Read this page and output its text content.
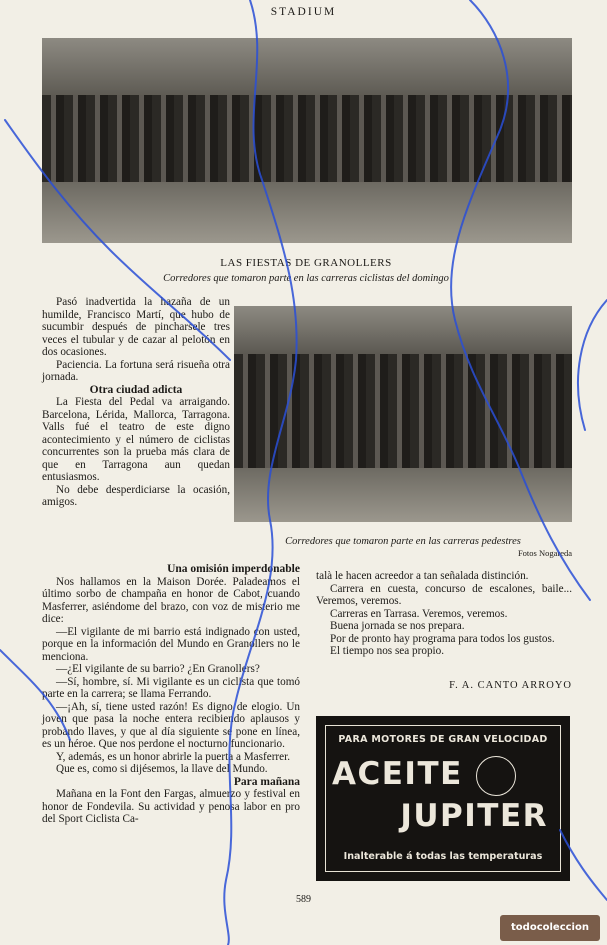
STADIUM
LAS FIESTAS DE GRANOLLERS
Corredores que tomaron parte en las carreras ciclistas del domingo

Pasó inadvertida la hazaña de un humilde, Francisco Martí, que hubo de sucumbir después de pincharsele tres veces el tubular y de cazar al pelotón en dos ocasiones.

Paciencia. La fortuna será risueña otra jornada.

Otra ciudad adicta

La Fiesta del Pedal va arraigando. Barcelona, Lérida, Mallorca, Tarragona. Valls fué el teatro de este digno acontecimiento y el número de ciclistas concurrentes son la prueba más clara de que en Tarragona aun quedan entusiasmos.

No debe desperdiciarse la ocasión, amigos.

Una omisión imperdonable

Nos hallamos en la Maison Dorée. Paladeamos el último sorbo de champaña en honor de Cabot, cuando Masferrer, asiéndome del brazo, con voz de misterio me dice:

—El vigilante de mi barrio está indignado con usted, porque en la información del Mundo en Granollers no le menciona.

—¿El vigilante de su barrio? ¿En Granollers?

—Sí, hombre, sí. Mi vigilante es un ciclista que tomó parte en la carrera; se llama Ferrando.

—¡Ah, sí, tiene usted razón! Es digno de elogio. Un joven que pasa la noche entera recibiendo aplausos y probando llaves, y que al día siguiente se pone en línea, es un héroe. Que nos perdone el nocturno funcionario.

Y, además, es un honor abrirle la puerta a Masferrer.

Que es, como si dijésemos, la llave del Mundo.

Para mañana

Mañana en la Font den Fargas, almuerzo y festival en honor de Fondevila. Su actividad y penosa labor en pro del Sport Ciclista Ca-

Corredores que tomaron parte en las carreras pedestres
Fotos Nogareda

talà le hacen acreedor a tan señalada distinción.

Carrera en cuesta, concurso de escalones, baile... Veremos, veremos.

Carreras en Tarrasa. Veremos, veremos.

Buena jornada se nos prepara.

Por de pronto hay programa para todos los gustos.

El tiempo nos sea propio.

F. A. CANTO ARROYO
PARA MOTORES DE GRAN VELOCIDAD
ACEITE
JUPITER
Inalterable á todas las temperaturas
589
todocoleccion
